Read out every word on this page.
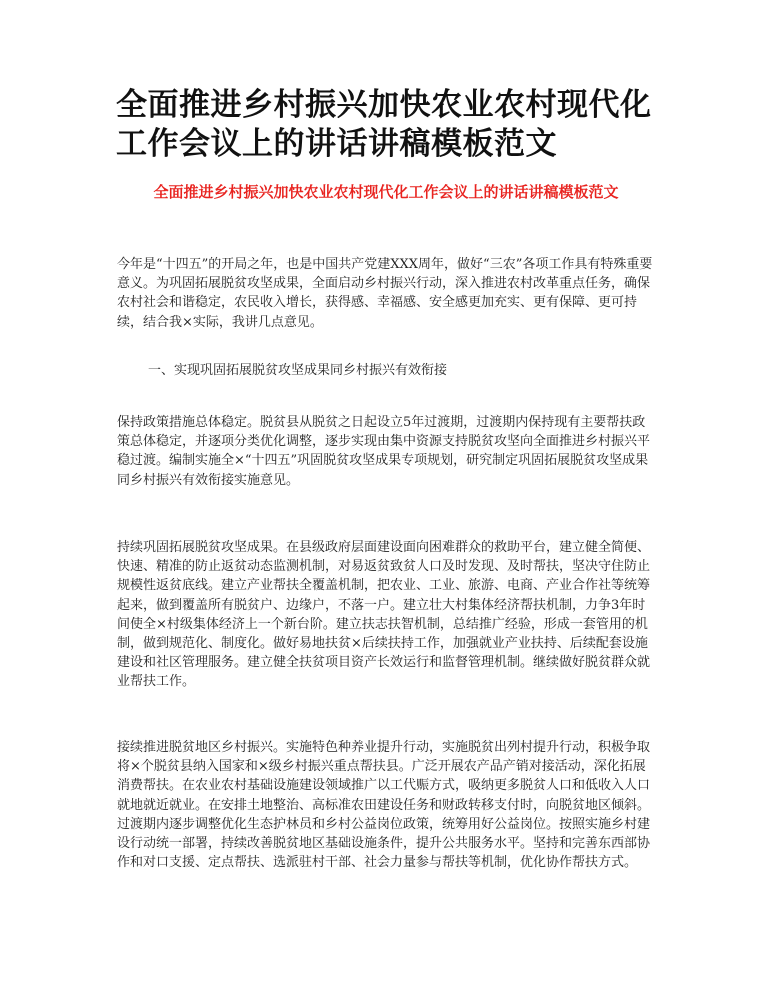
全面推进乡村振兴加快农业农村现代化工作会议上的讲话讲稿模板范文
全面推进乡村振兴加快农业农村现代化工作会议上的讲话讲稿模板范文

今年是“十四五”的开局之年，也是中国共产党建XXX周年，做好“三农”各项工作具有特殊重要意义。为巩固拓展脱贫攻坚成果，全面启动乡村振兴行动，深入推进农村改革重点任务，确保农村社会和谐稳定，农民收入增长，获得感、幸福感、安全感更加充实、更有保障、更可持续，结合我×实际，我讲几点意见。

一、实现巩固拓展脱贫攻坚成果同乡村振兴有效衔接

保持政策措施总体稳定。脱贫县从脱贫之日起设立5年过渡期，过渡期内保持现有主要帮扶政策总体稳定，并逐项分类优化调整，逐步实现由集中资源支持脱贫攻坚向全面推进乡村振兴平稳过渡。编制实施全×“十四五”巩固脱贫攻坚成果专项规划，研究制定巩固拓展脱贫攻坚成果同乡村振兴有效衔接实施意见。

持续巩固拓展脱贫攻坚成果。在县级政府层面建设面向困难群众的救助平台，建立健全简便、快速、精准的防止返贫动态监测机制，对易返贫致贫人口及时发现、及时帮扶，坚决守住防止规模性返贫底线。建立产业帮扶全覆盖机制，把农业、工业、旅游、电商、产业合作社等统筹起来，做到覆盖所有脱贫户、边缘户，不落一户。建立壮大村集体经济帮扶机制，力争3年时间使全×村级集体经济上一个新台阶。建立扶志扶智机制，总结推广经验，形成一套管用的机制，做到规范化、制度化。做好易地扶贫×后续扶持工作，加强就业产业扶持、后续配套设施建设和社区管理服务。建立健全扶贫项目资产长效运行和监督管理机制。继续做好脱贫群众就业帮扶工作。

接续推进脱贫地区乡村振兴。实施特色种养业提升行动，实施脱贫出列村提升行动，积极争取将×个脱贫县纳入国家和×级乡村振兴重点帮扶县。广泛开展农产品产销对接活动，深化拓展消费帮扶。在农业农村基础设施建设领域推广以工代赈方式，吸纳更多脱贫人口和低收入人口就地就近就业。在安排土地整治、高标准农田建设任务和财政转移支付时，向脱贫地区倾斜。过渡期内逐步调整优化生态护林员和乡村公益岗位政策，统筹用好公益岗位。按照实施乡村建设行动统一部署，持续改善脱贫地区基础设施条件，提升公共服务水平。坚持和完善东西部协作和对口支援、定点帮扶、选派驻村干部、社会力量参与帮扶等机制，优化协作帮扶方式。
